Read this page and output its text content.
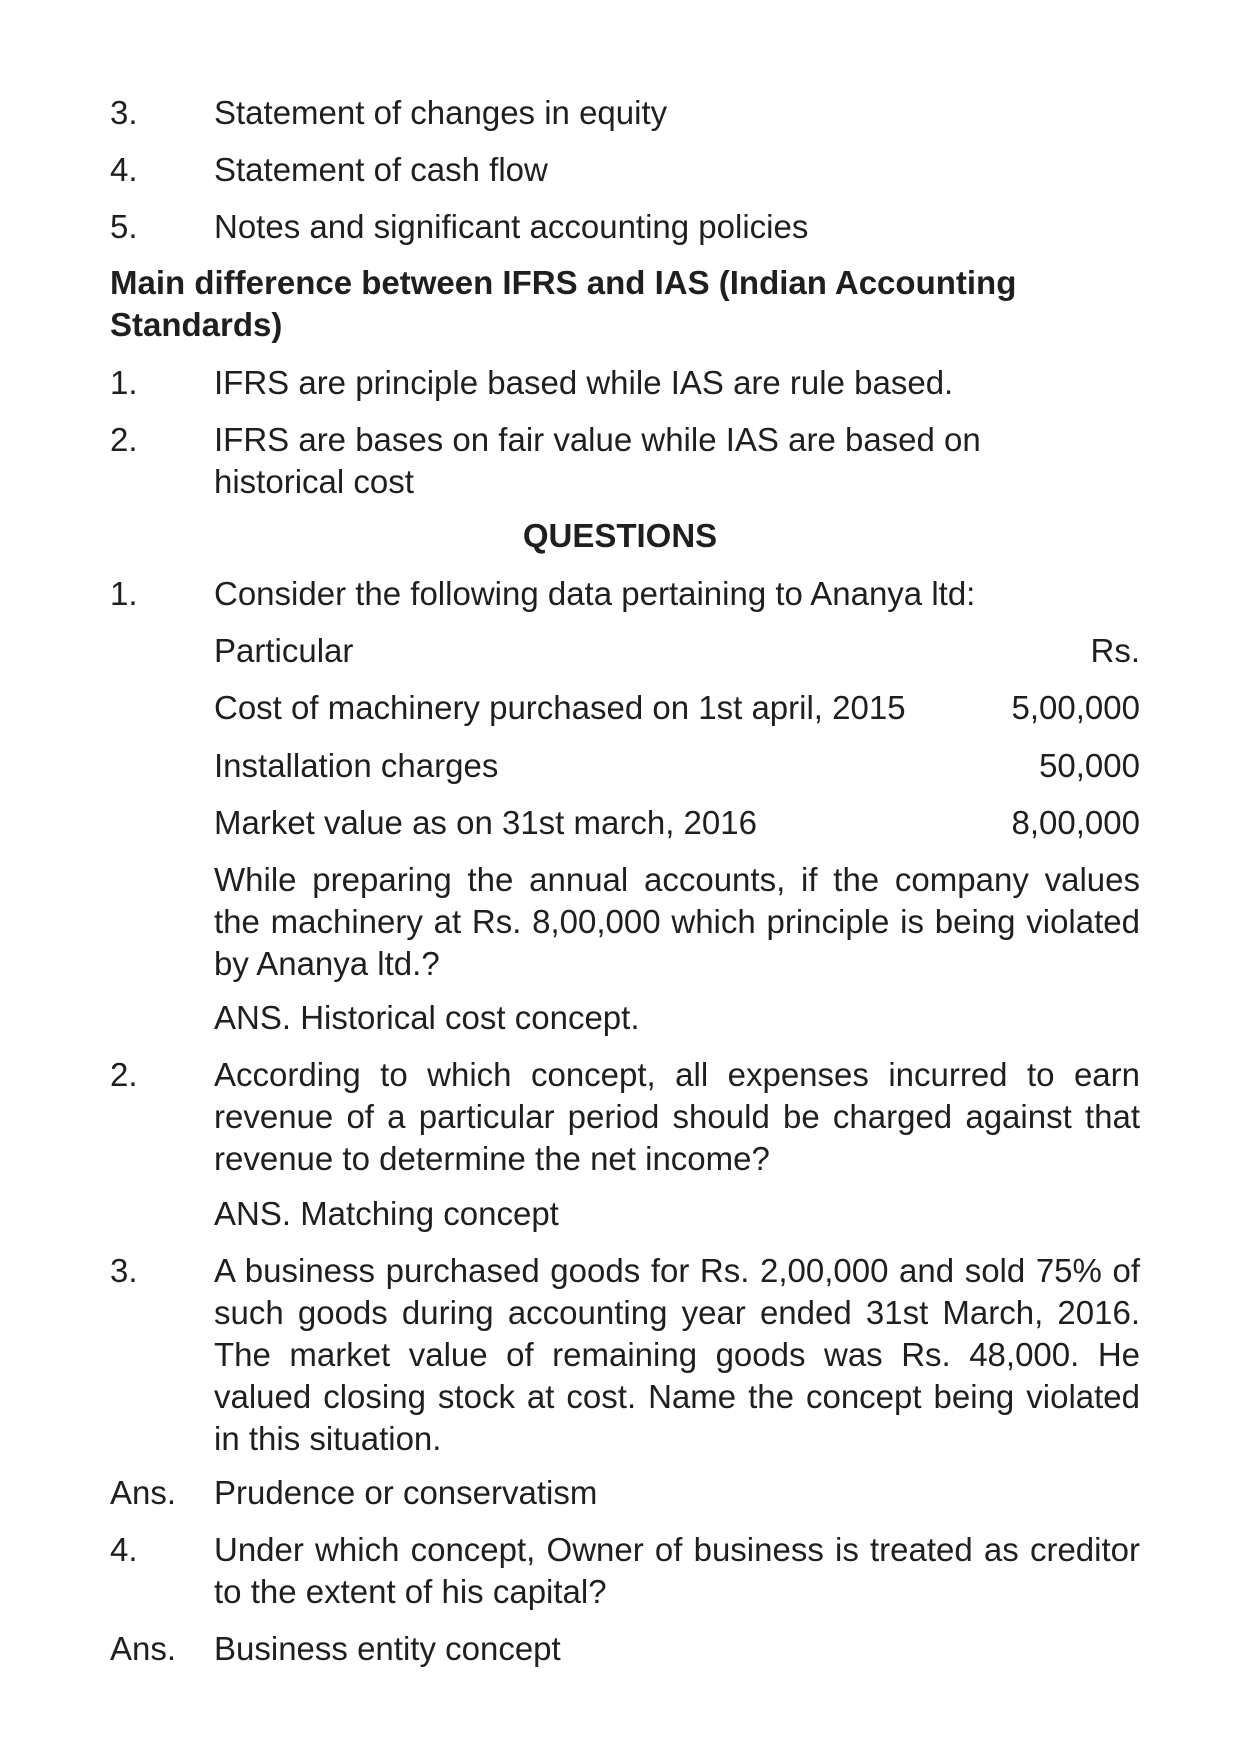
3.	Statement of changes in equity
4.	Statement of cash flow
5.	Notes and significant accounting policies
Main difference between IFRS and IAS (Indian Accounting Standards)
1.	IFRS are principle based while IAS are rule based.
2.	IFRS are bases on fair value while IAS are based on historical cost
QUESTIONS
1.	Consider the following data pertaining to Ananya ltd:
Particular	Rs.
Cost of machinery purchased on 1st april, 2015	5,00,000
Installation charges	50,000
Market value as on 31st march, 2016	8,00,000
While preparing the annual accounts, if the company values the machinery at Rs. 8,00,000 which principle is being violated by Ananya ltd.?
ANS. Historical cost concept.
2.	According to which concept, all expenses incurred to earn revenue of a particular period should be charged against that revenue to determine the net income?
ANS. Matching concept
3.	A business purchased goods for Rs. 2,00,000 and sold 75% of such goods during accounting year ended 31st March, 2016. The market value of remaining goods was Rs. 48,000. He valued closing stock at cost. Name the concept being violated in this situation.
Ans.	Prudence or conservatism
4.	Under which concept, Owner of business is treated as creditor to the extent of his capital?
Ans.	Business entity concept
